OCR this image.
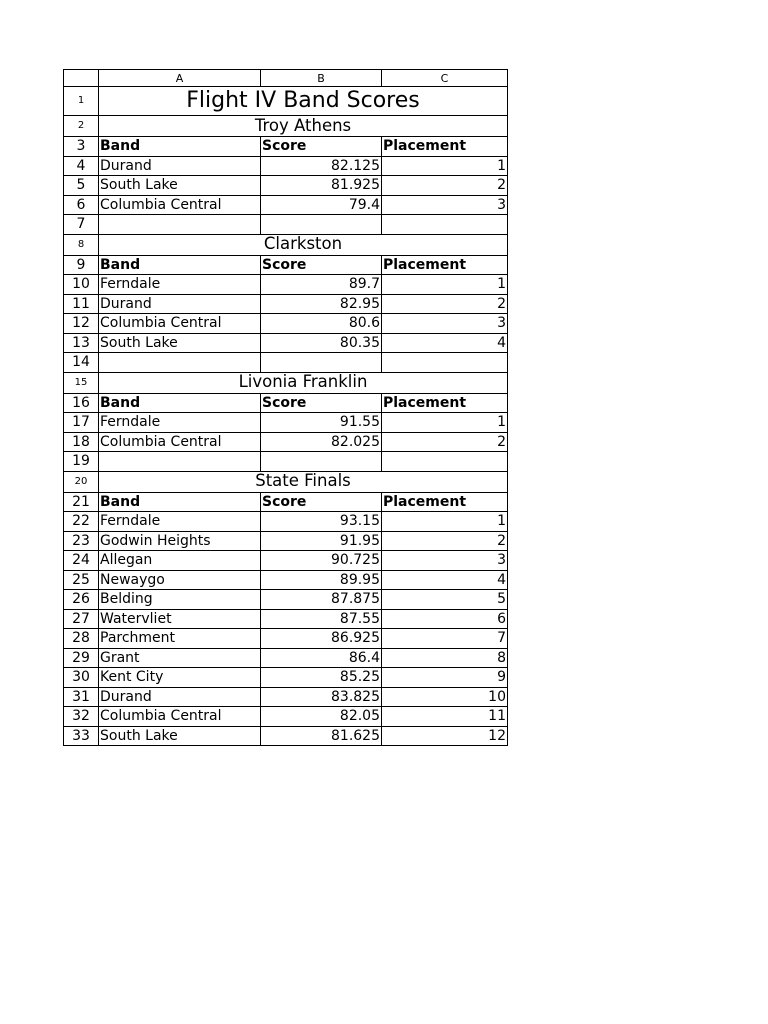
	A	B	C
1	Flight IV Band Scores		
2	Troy Athens		
3	Band	Score	Placement
4	Durand	82.125	1
5	South Lake	81.925	2
6	Columbia Central	79.4	3
7			
8	Clarkston		
9	Band	Score	Placement
10	Ferndale	89.7	1
11	Durand	82.95	2
12	Columbia Central	80.6	3
13	South Lake	80.35	4
14			
15	Livonia Franklin		
16	Band	Score	Placement
17	Ferndale	91.55	1
18	Columbia Central	82.025	2
19			
20	State Finals		
21	Band	Score	Placement
22	Ferndale	93.15	1
23	Godwin Heights	91.95	2
24	Allegan	90.725	3
25	Newaygo	89.95	4
26	Belding	87.875	5
27	Watervliet	87.55	6
28	Parchment	86.925	7
29	Grant	86.4	8
30	Kent City	85.25	9
31	Durand	83.825	10
32	Columbia Central	82.05	11
33	South Lake	81.625	12
